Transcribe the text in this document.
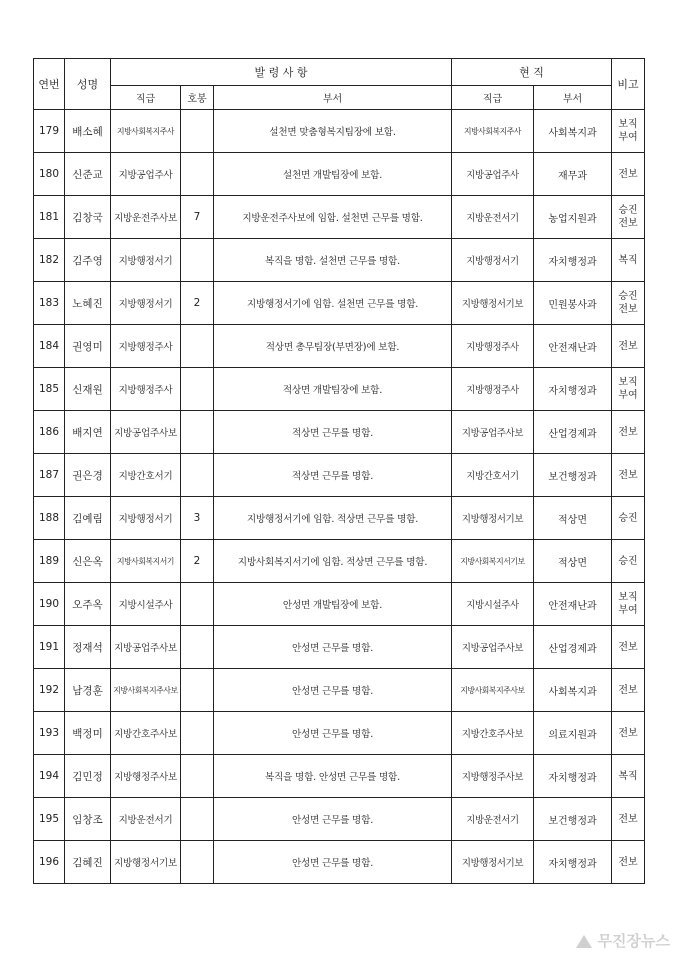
연번	성명	발 령 사 항			현 직		비고
		직급	호봉	부서	직급	부서	
179	배소혜	지방사회복지주사		설천면 맞춤형복지팀장에 보함.	지방사회복지주사	사회복지과	보직
부여
180	신준교	지방공업주사		설천면 개발팀장에 보함.	지방공업주사	재무과	전보
181	김창국	지방운전주사보	7	지방운전주사보에 임함. 설천면 근무를 명함.	지방운전서기	농업지원과	승진
전보
182	김주영	지방행정서기		복직을 명함. 설천면 근무를 명함.	지방행정서기	자치행정과	복직
183	노혜진	지방행정서기	2	지방행정서기에 임함. 설천면 근무를 명함.	지방행정서기보	민원봉사과	승진
전보
184	권영미	지방행정주사		적상면 총무팀장(부면장)에 보함.	지방행정주사	안전재난과	전보
185	신재원	지방행정주사		적상면 개발팀장에 보함.	지방행정주사	자치행정과	보직
부여
186	배지연	지방공업주사보		적상면 근무를 명함.	지방공업주사보	산업경제과	전보
187	권은경	지방간호서기		적상면 근무를 명함.	지방간호서기	보건행정과	전보
188	김예림	지방행정서기	3	지방행정서기에 임함. 적상면 근무를 명함.	지방행정서기보	적상면	승진
189	신은옥	지방사회복지서기	2	지방사회복지서기에 임함. 적상면 근무를 명함.	지방사회복지서기보	적상면	승진
190	오주옥	지방시설주사		안성면 개발팀장에 보함.	지방시설주사	안전재난과	보직
부여
191	정재석	지방공업주사보		안성면 근무를 명함.	지방공업주사보	산업경제과	전보
192	남경훈	지방사회복지주사보		안성면 근무를 명함.	지방사회복지주사보	사회복지과	전보
193	백정미	지방간호주사보		안성면 근무를 명함.	지방간호주사보	의료지원과	전보
194	김민정	지방행정주사보		복직을 명함. 안성면 근무를 명함.	지방행정주사보	자치행정과	복직
195	임창조	지방운전서기		안성면 근무를 명함.	지방운전서기	보건행정과	전보
196	김혜진	지방행정서기보		안성면 근무를 명함.	지방행정서기보	자치행정과	전보
무진장뉴스
